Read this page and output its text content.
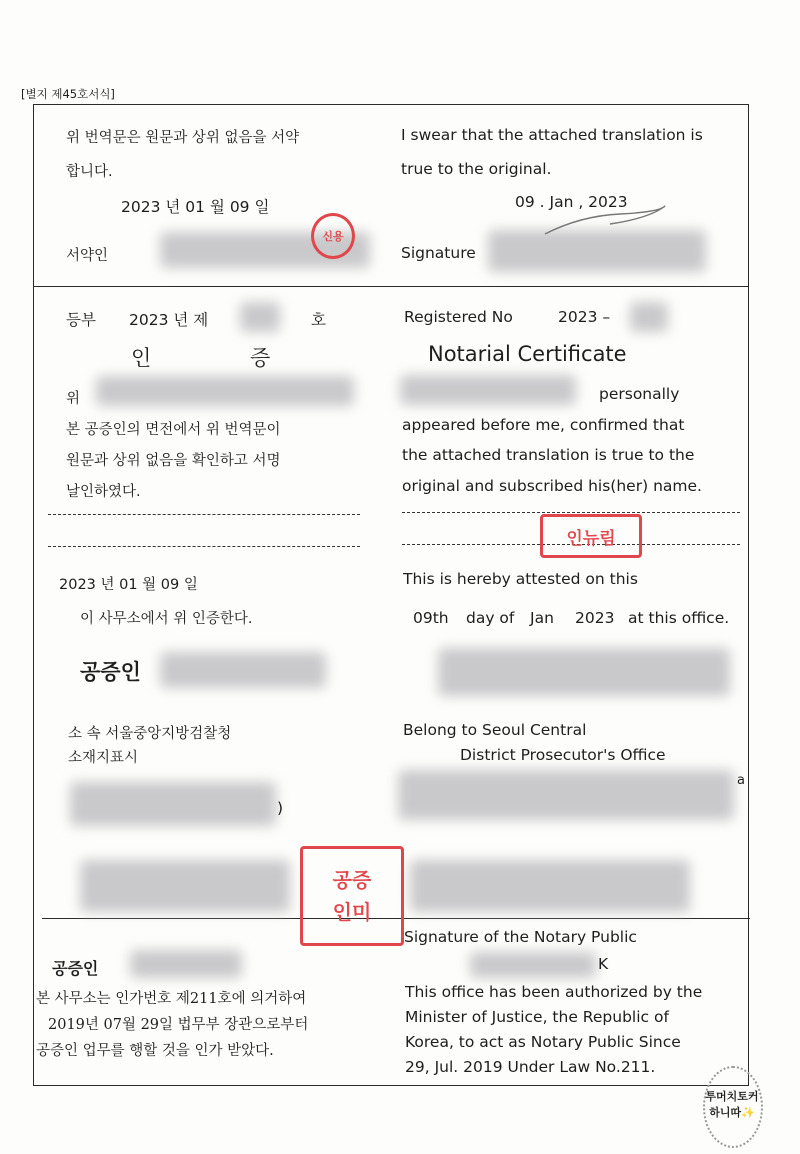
[별지 제45호서식]
위 번역문은 원문과 상위 없음을 서약
합니다.
I swear that the attached translation is
true to the original.
2023 년 01 월 09 일	09 . Jan , 2023
서약인	Signature
신용
등부 2023 년 제	호	Registered No	2023 –
인	증	Notarial Certificate
위	personally
본 공증인의 면전에서 위 번역문이
원문과 상위 없음을 확인하고 서명
날인하였다.
appeared before me, confirmed that
the attached translation is true to the
original and subscribed his(her) name.
인뉴림
2023 년 01 월 09 일
이 사무소에서 위 인증한다.
This is hereby attested on this
09th day of Jan 2023 at this office.
공증인
소 속 서울중앙지방검찰청
소재지표시
Belong to Seoul Central
District Prosecutor's Office
)
a
공증
인미
공증인
Signature of the Notary Public
K
본 사무소는 인가번호 제211호에 의거하여
2019년 07월 29일 법무부 장관으로부터
공증인 업무를 행할 것을 인가 받았다.
This office has been authorized by the
Minister of Justice, the Republic of
Korea, to act as Notary Public Since
29, Jul. 2019 Under Law No.211.
투머치토커
하니따✨
